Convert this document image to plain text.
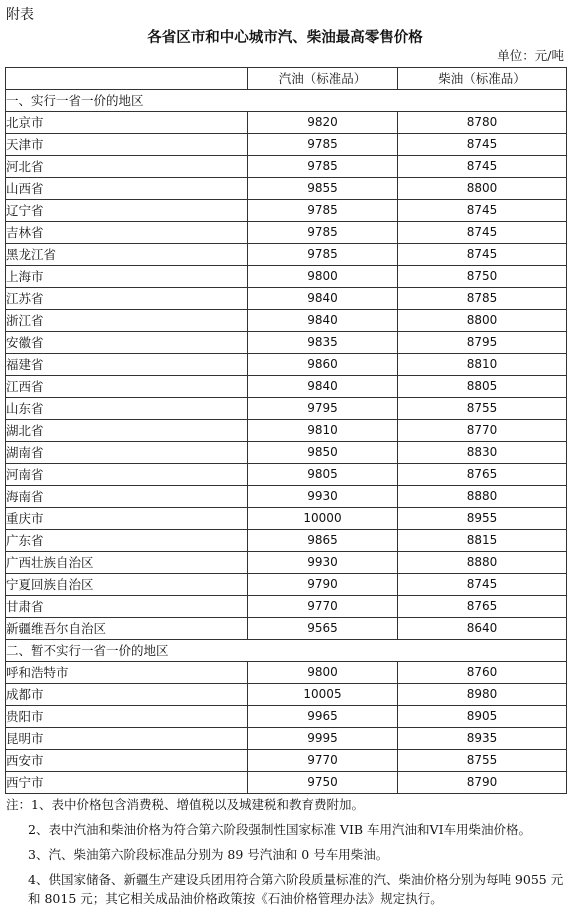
附表
各省区市和中心城市汽、柴油最高零售价格
单位：元/吨
	汽油（标准品）	柴油（标准品）
一、实行一省一价的地区		
北京市	9820	8780
天津市	9785	8745
河北省	9785	8745
山西省	9855	8800
辽宁省	9785	8745
吉林省	9785	8745
黑龙江省	9785	8745
上海市	9800	8750
江苏省	9840	8785
浙江省	9840	8800
安徽省	9835	8795
福建省	9860	8810
江西省	9840	8805
山东省	9795	8755
湖北省	9810	8770
湖南省	9850	8830
河南省	9805	8765
海南省	9930	8880
重庆市	10000	8955
广东省	9865	8815
广西壮族自治区	9930	8880
宁夏回族自治区	9790	8745
甘肃省	9770	8765
新疆维吾尔自治区	9565	8640
二、暂不实行一省一价的地区		
呼和浩特市	9800	8760
成都市	10005	8980
贵阳市	9965	8905
昆明市	9995	8935
西安市	9770	8755
西宁市	9750	8790

注：1、表中价格包含消费税、增值税以及城建税和教育费附加。

2、表中汽油和柴油价格为符合第六阶段强制性国家标准 VIB 车用汽油和VI车用柴油价格。

3、汽、柴油第六阶段标准品分别为 89 号汽油和 0 号车用柴油。

4、供国家储备、新疆生产建设兵团用符合第六阶段质量标准的汽、柴油价格分别为每吨 9055 元和 8015 元；其它相关成品油价格政策按《石油价格管理办法》规定执行。
